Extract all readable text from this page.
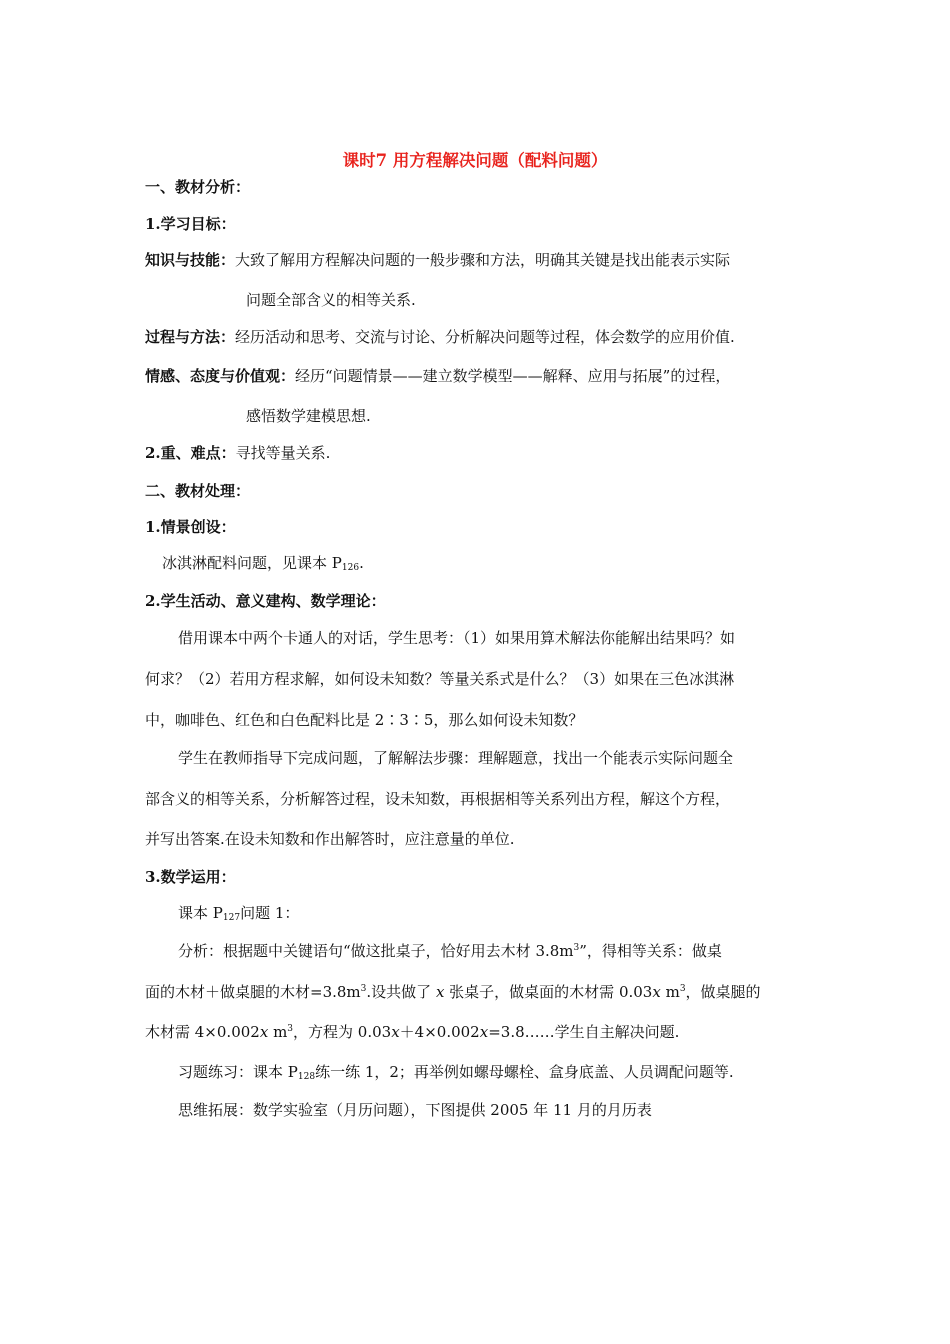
课时7 用方程解决问题（配料问题）
一、教材分析：
1.学习目标：
知识与技能：大致了解用方程解决问题的一般步骤和方法，明确其关键是找出能表示实际
问题全部含义的相等关系.
过程与方法：经历活动和思考、交流与讨论、分析解决问题等过程，体会数学的应用价值.
情感、态度与价值观：经历“问题情景——建立数学模型——解释、应用与拓展”的过程，
感悟数学建模思想.
2.重、难点：寻找等量关系.
二、教材处理：
1.情景创设：
冰淇淋配料问题，见课本 $P_{126}$.
2.学生活动、意义建构、数学理论：
借用课本中两个卡通人的对话，学生思考：（1）如果用算术解法你能解出结果吗？如
何求？（2）若用方程求解，如何设未知数？等量关系式是什么？（3）如果在三色冰淇淋
中，咖啡色、红色和白色配料比是 2∶3∶5，那么如何设未知数？
学生在教师指导下完成问题，了解解法步骤：理解题意，找出一个能表示实际问题全
部含义的相等关系，分析解答过程，设未知数，再根据相等关系列出方程，解这个方程，
并写出答案.在设未知数和作出解答时，应注意量的单位.
3.数学运用：
课本 $P_{127}$问题 1：
分析：根据题中关键语句“做这批桌子，恰好用去木材 $3.8m^3$”，得相等关系：做桌
面的木材＋做桌腿的木材$=3.8m^3$.设共做了 x 张桌子，做桌面的木材需 0.03x $m^3$，做桌腿的
木材需 4×0.002x $m^3$，方程为 0.03x＋4×0.002x=3.8……学生自主解决问题.
习题练习：课本 $P_{128}$练一练 1，2；再举例如螺母螺栓、盒身底盖、人员调配问题等.
思维拓展：数学实验室（月历问题），下图提供 2005 年 11 月的月历表
